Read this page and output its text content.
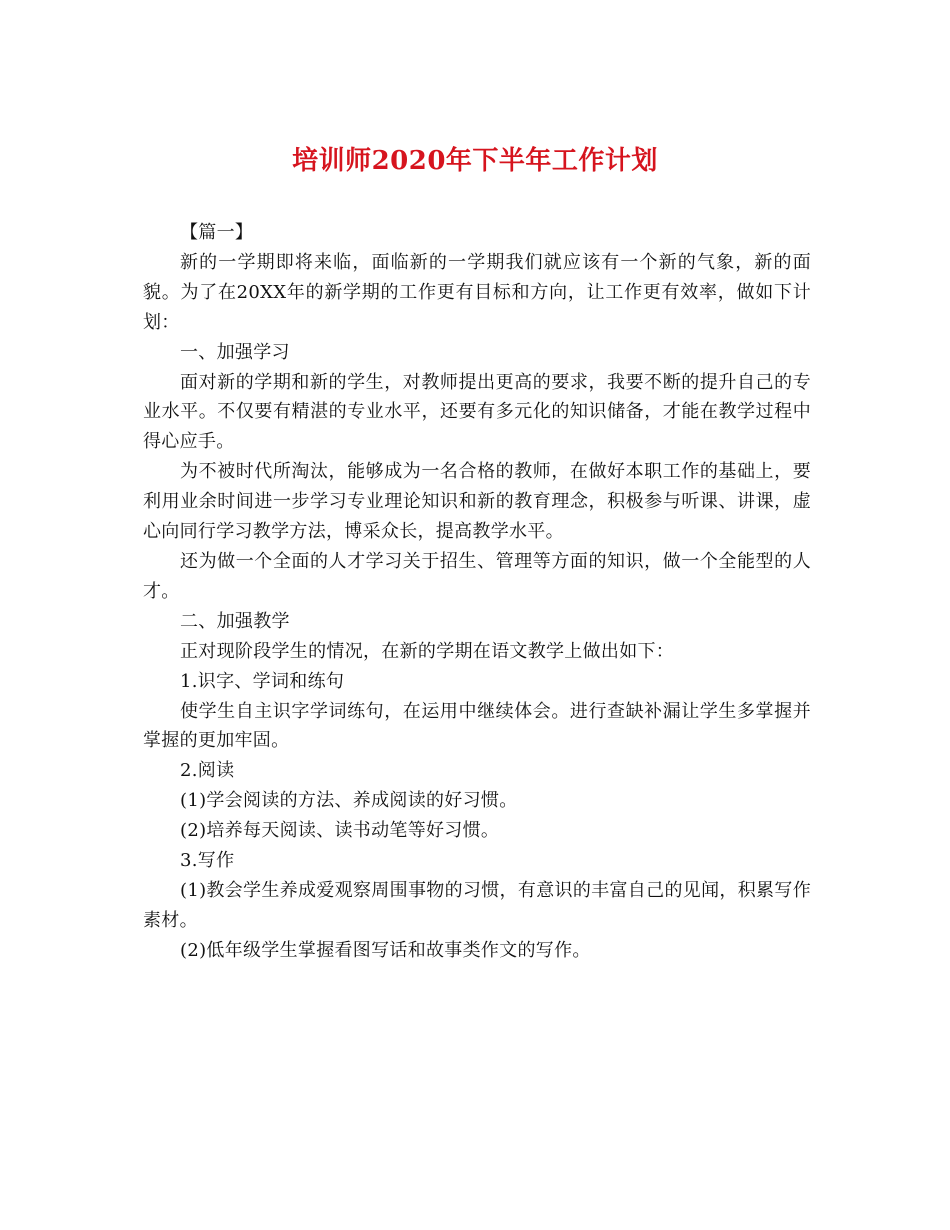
培训师2020年下半年工作计划

【篇一】

新的一学期即将来临，面临新的一学期我们就应该有一个新的气象，新的面貌。为了在20XX年的新学期的工作更有目标和方向，让工作更有效率，做如下计划：

一、加强学习

面对新的学期和新的学生，对教师提出更高的要求，我要不断的提升自己的专业水平。不仅要有精湛的专业水平，还要有多元化的知识储备，才能在教学过程中得心应手。

为不被时代所淘汰，能够成为一名合格的教师，在做好本职工作的基础上，要利用业余时间进一步学习专业理论知识和新的教育理念，积极参与听课、讲课，虚心向同行学习教学方法，博采众长，提高教学水平。

还为做一个全面的人才学习关于招生、管理等方面的知识，做一个全能型的人才。

二、加强教学

正对现阶段学生的情况，在新的学期在语文教学上做出如下：

1.识字、学词和练句

使学生自主识字学词练句，在运用中继续体会。进行查缺补漏让学生多掌握并掌握的更加牢固。

2.阅读

(1)学会阅读的方法、养成阅读的好习惯。

(2)培养每天阅读、读书动笔等好习惯。

3.写作

(1)教会学生养成爱观察周围事物的习惯，有意识的丰富自己的见闻，积累写作素材。

(2)低年级学生掌握看图写话和故事类作文的写作。
